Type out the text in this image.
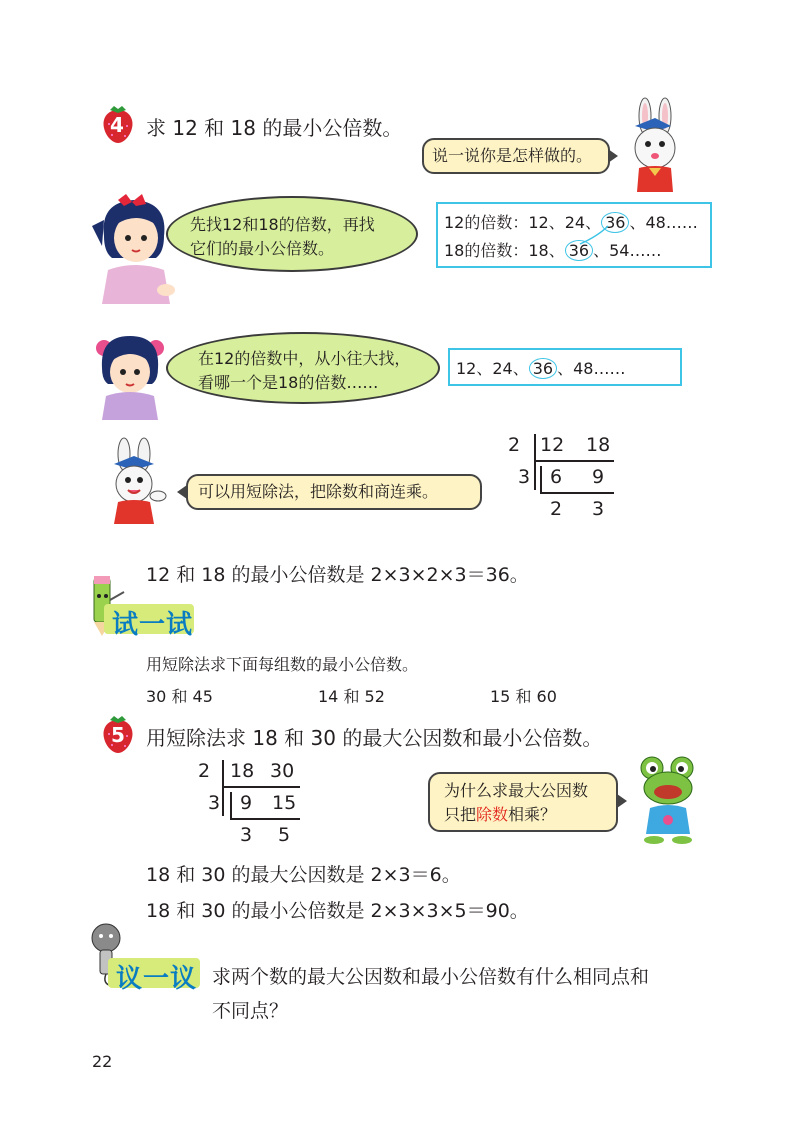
4 求 12 和 18 的最小公倍数。
说一说你是怎样做的。
先找12和18的倍数，再找
它们的最小公倍数。
12的倍数：12、24、 36 、48……
18的倍数：18、 36 、54……
在12的倍数中，从小往大找，
看哪一个是18的倍数……
12、24、 36 、48……
可以用短除法，把除数和商连乘。
2 12 18
3 6 9
2 3
12 和 18 的最小公倍数是 2×3×2×3＝36。
试一试
用短除法求下面每组数的最小公倍数。
30 和 45	14 和 52	15 和 60
5 用短除法求 18 和 30 的最大公因数和最小公倍数。
2 18 30
3 9 15
3 5
为什么求最大公因数
只把除数相乘？
18 和 30 的最大公因数是 2×3＝6。
18 和 30 的最小公倍数是 2×3×3×5＝90。
议一议 求两个数的最大公因数和最小公倍数有什么相同点和
不同点？
22
